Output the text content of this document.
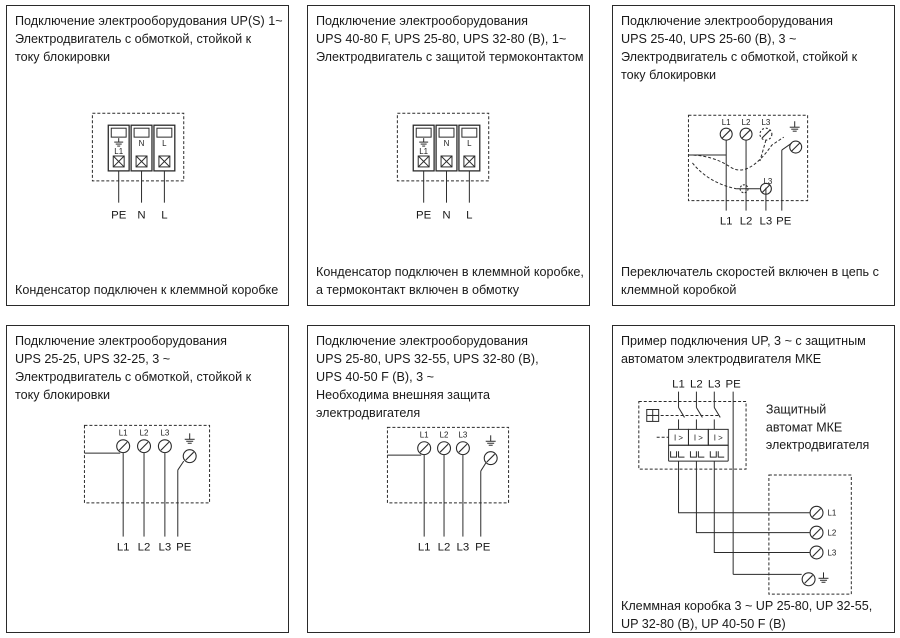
Подключение электрооборудования UP(S) 1~
Электродвигатель с обмоткой, стойкой к
току блокировки
N L
L1
PE N L
Конденсатор подключен к клеммной коробке
Подключение электрооборудования
UPS 40-80 F, UPS 25-80, UPS 32-80 (B), 1~
Электродвигатель с защитой термоконтактом
N L
L1
PE N L
Конденсатор подключен в клеммной коробке,
а термоконтакт включен в обмотку
Подключение электрооборудования
UPS 25-40, UPS 25-60 (B), 3 ~
Электродвигатель с обмоткой, стойкой к
току блокировки
L1 L2 L3
L3
L1 L2 L3 PE
Переключатель скоростей включен в цепь с
клеммной коробкой
Подключение электрооборудования
UPS 25-25, UPS 32-25, 3 ~
Электродвигатель с обмоткой, стойкой к
току блокировки
L1 L2 L3
L1 L2 L3 PE
Подключение электрооборудования
UPS 25-80, UPS 32-55, UPS 32-80 (B),
UPS 40-50 F (B), 3 ~
Необходима внешняя защита
электродвигателя
L1 L2 L3
L1 L2 L3 PE
Пример подключения UP, 3 ~ с защитным
автоматом электродвигателя МКЕ
L1 L2 L3 PE
I > I > I >
Защитный
автомат МКЕ
электродвигателя
L1
L2
L3
Клеммная коробка 3 ~ UP 25-80, UP 32-55,
UP 32-80 (B), UP 40-50 F (B)
